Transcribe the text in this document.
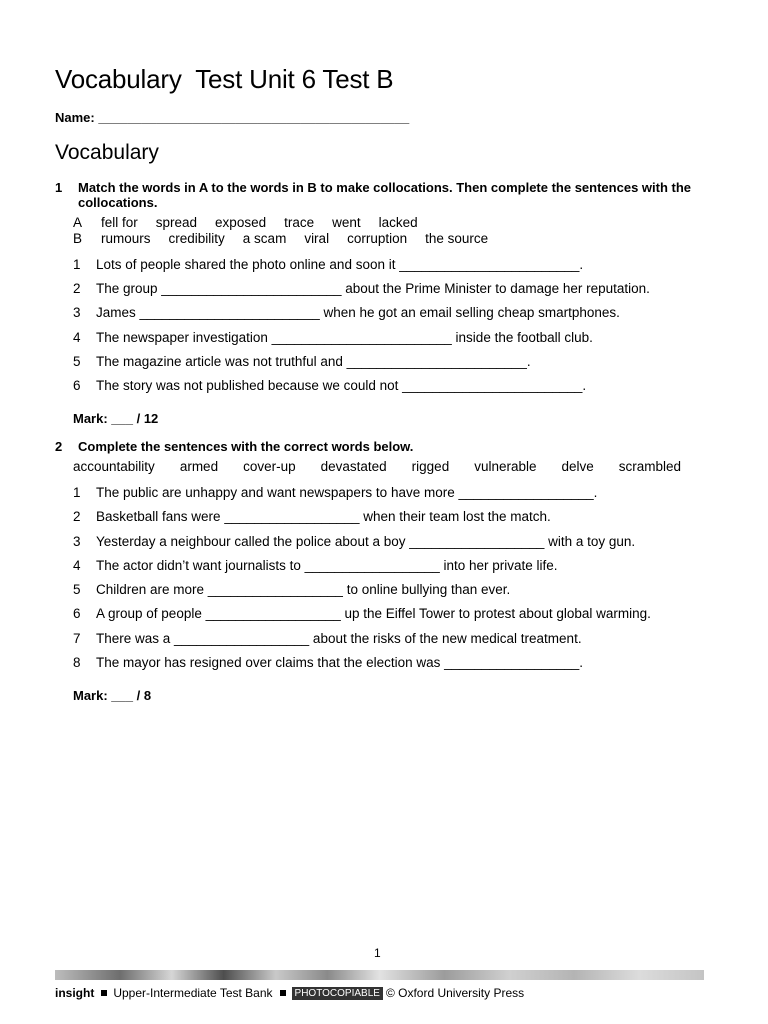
Vocabulary  Test Unit 6 Test B
Name: ___________________________________________
Vocabulary
1 Match the words in A to the words in B to make collocations. Then complete the sentences with the collocations.
A	fell for spread exposed trace went lacked
B	rumours credibility a scam viral corruption the source
1 Lots of people shared the photo online and soon it ________________________.
2 The group ________________________ about the Prime Minister to damage her reputation.
3 James ________________________ when he got an email selling cheap smartphones.
4 The newspaper investigation ________________________ inside the football club.
5 The magazine article was not truthful and ________________________.
6 The story was not published because we could not ________________________.
Mark: ___ / 12
2 Complete the sentences with the correct words below.
accountability armed cover-up devastated rigged vulnerable delve scrambled
1 The public are unhappy and want newspapers to have more __________________.
2 Basketball fans were __________________ when their team lost the match.
3 Yesterday a neighbour called the police about a boy __________________ with a toy gun.
4 The actor didn’t want journalists to __________________ into her private life.
5 Children are more __________________ to online bullying than ever.
6 A group of people __________________ up the Eiffel Tower to protest about global warming.
7 There was a __________________ about the risks of the new medical treatment.
8 The mayor has resigned over claims that the election was __________________.
Mark: ___ / 8
1
insight Upper-Intermediate Test Bank	PHOTOCOPIABLE © Oxford University Press
